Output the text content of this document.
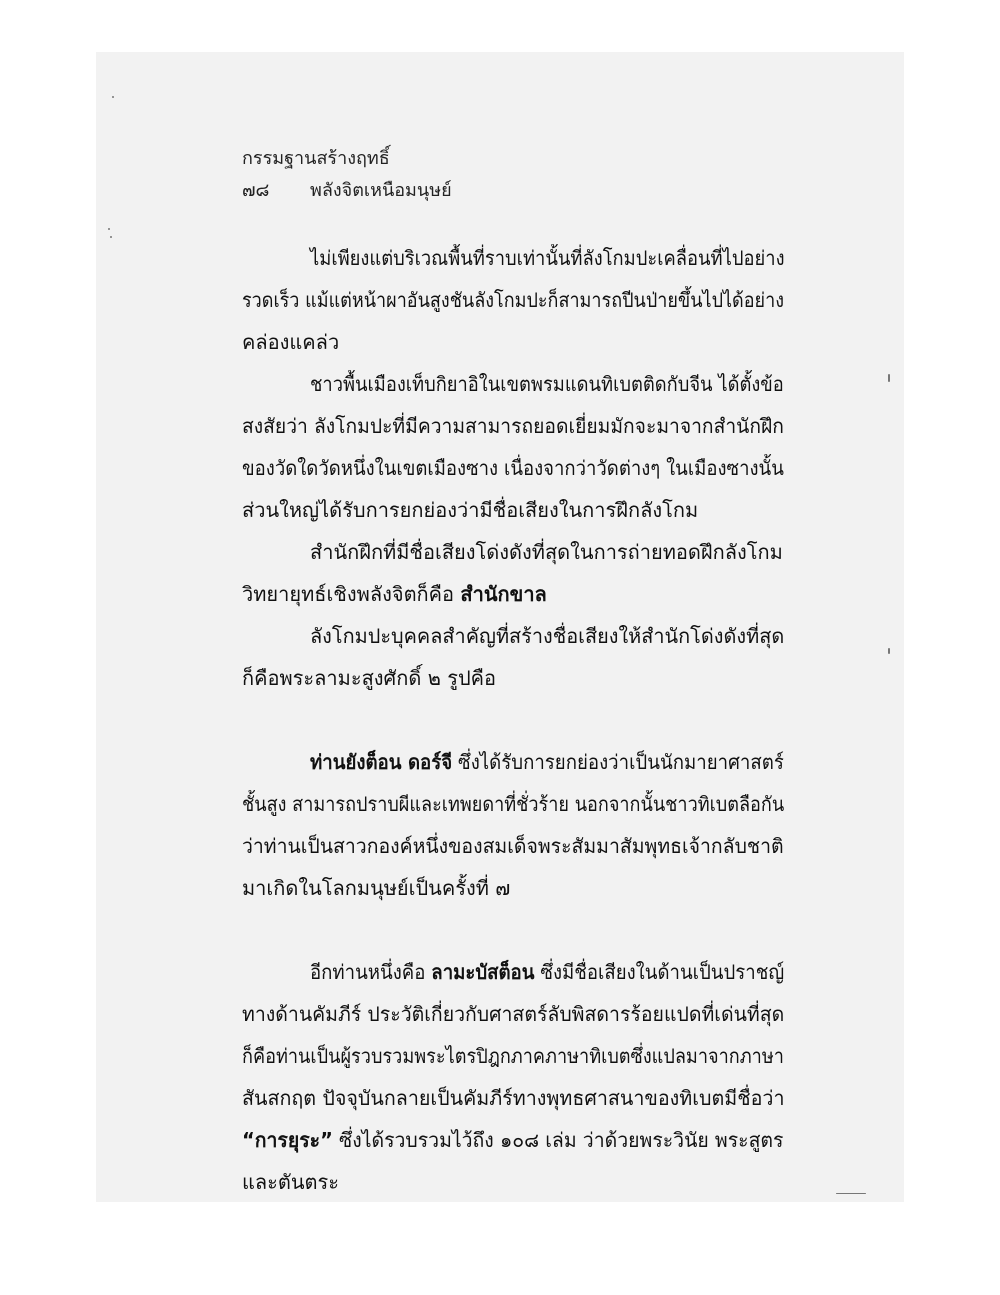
กรรมฐานสร้างฤทธิ์
๗๘ พลังจิตเหนือมนุษย์
ไม่เพียงแต่บริเวณพื้นที่ราบเท่านั้นที่ลังโกมปะเคลื่อนที่ไปอย่าง
รวดเร็ว แม้แต่หน้าผาอันสูงชันลังโกมปะก็สามารถปีนป่ายขึ้นไปได้อย่าง
คล่องแคล่ว
ชาวพื้นเมืองเท็บกิยาอิในเขตพรมแดนทิเบตติดกับจีน ได้ตั้งข้อ
สงสัยว่า ลังโกมปะที่มีความสามารถยอดเยี่ยมมักจะมาจากสำนักฝึก
ของวัดใดวัดหนึ่งในเขตเมืองซาง เนื่องจากว่าวัดต่างๆ ในเมืองซางนั้น
ส่วนใหญ่ได้รับการยกย่องว่ามีชื่อเสียงในการฝึกลังโกม
สำนักฝึกที่มีชื่อเสียงโด่งดังที่สุดในการถ่ายทอดฝึกลังโกม
วิทยายุทธ์เชิงพลังจิตก็คือ สำนักขาล
ลังโกมปะบุคคลสำคัญที่สร้างชื่อเสียงให้สำนักโด่งดังที่สุด
ก็คือพระลามะสูงศักดิ์ ๒ รูปคือ
ท่านยังต็อน ดอร์จี ซึ่งได้รับการยกย่องว่าเป็นนักมายาศาสตร์
ชั้นสูง สามารถปราบผีและเทพยดาที่ชั่วร้าย นอกจากนั้นชาวทิเบตลือกัน
ว่าท่านเป็นสาวกองค์หนึ่งของสมเด็จพระสัมมาสัมพุทธเจ้ากลับชาติ
มาเกิดในโลกมนุษย์เป็นครั้งที่ ๗
อีกท่านหนึ่งคือ ลามะบัสต็อน ซึ่งมีชื่อเสียงในด้านเป็นปราชญ์
ทางด้านคัมภีร์ ประวัติเกี่ยวกับศาสตร์ลับพิสดารร้อยแปดที่เด่นที่สุด
ก็คือท่านเป็นผู้รวบรวมพระไตรปิฎกภาคภาษาทิเบตซึ่งแปลมาจากภาษา
สันสกฤต ปัจจุบันกลายเป็นคัมภีร์ทางพุทธศาสนาของทิเบตมีชื่อว่า
“การยุระ” ซึ่งได้รวบรวมไว้ถึง ๑๐๘ เล่ม ว่าด้วยพระวินัย พระสูตร
และตันตระ
